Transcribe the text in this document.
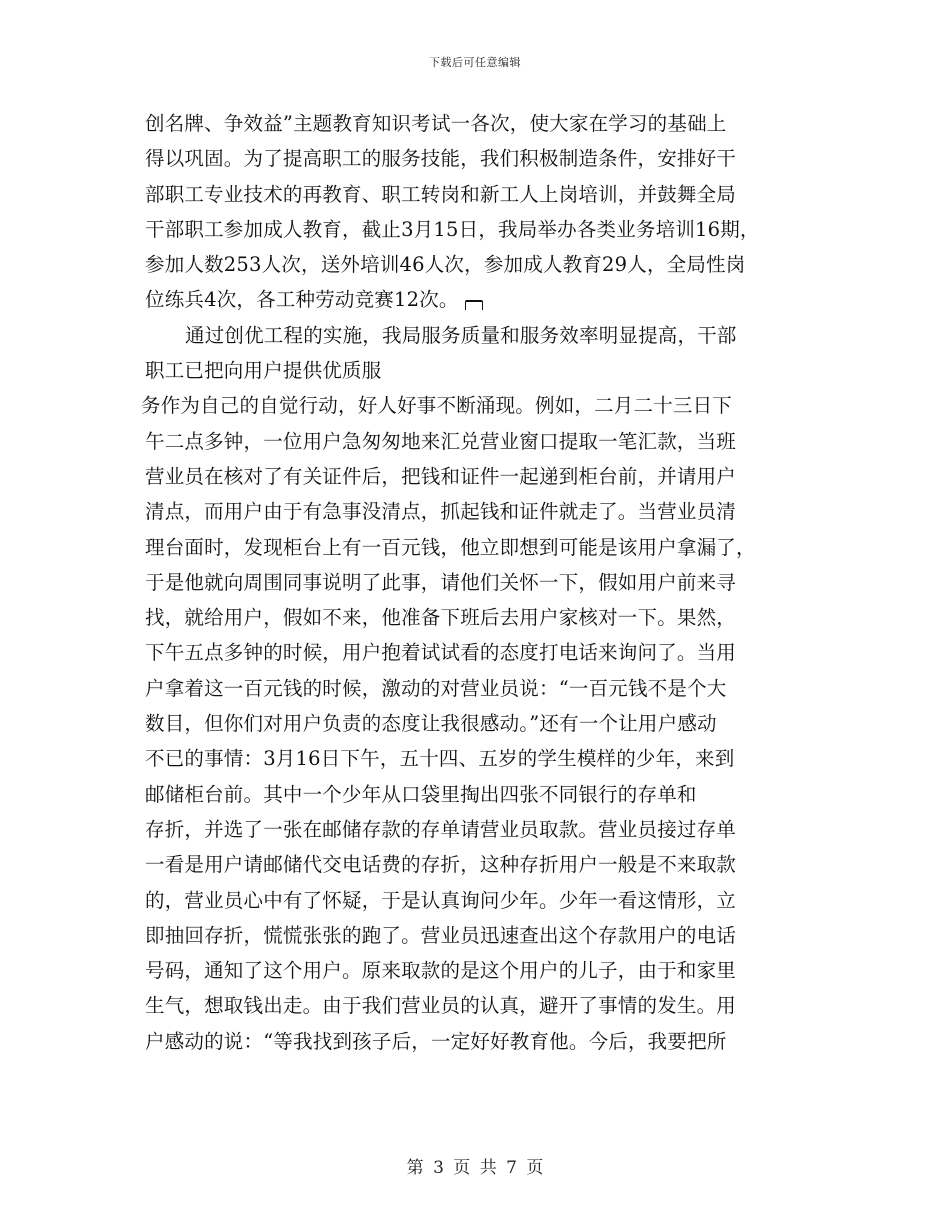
下载后可任意编辑
创名牌、争效益”主题教育知识考试一各次，使大家在学习的基础上
得以巩固。为了提高职工的服务技能，我们积极制造条件，安排好干
部职工专业技术的再教育、职工转岗和新工人上岗培训，并鼓舞全局
干部职工参加成人教育，截止3月15日，我局举办各类业务培训16期，
参加人数253人次，送外培训46人次，参加成人教育29人，全局性岗
位练兵4次，各工种劳动竞赛12次。
通过创优工程的实施，我局服务质量和服务效率明显提高，干部
职工已把向用户提供优质服
务作为自己的自觉行动，好人好事不断涌现。例如，二月二十三日下
午二点多钟，一位用户急匆匆地来汇兑营业窗口提取一笔汇款，当班
营业员在核对了有关证件后，把钱和证件一起递到柜台前，并请用户
清点，而用户由于有急事没清点，抓起钱和证件就走了。当营业员清
理台面时，发现柜台上有一百元钱，他立即想到可能是该用户拿漏了，
于是他就向周围同事说明了此事，请他们关怀一下，假如用户前来寻
找，就给用户，假如不来，他准备下班后去用户家核对一下。果然，
下午五点多钟的时候，用户抱着试试看的态度打电话来询问了。当用
户拿着这一百元钱的时候，激动的对营业员说：“一百元钱不是个大
数目，但你们对用户负责的态度让我很感动。”还有一个让用户感动
不已的事情：3月16日下午，五十四、五岁的学生模样的少年，来到
邮储柜台前。其中一个少年从口袋里掏出四张不同银行的存单和
存折，并选了一张在邮储存款的存单请营业员取款。营业员接过存单
一看是用户请邮储代交电话费的存折，这种存折用户一般是不来取款
的，营业员心中有了怀疑，于是认真询问少年。少年一看这情形，立
即抽回存折，慌慌张张的跑了。营业员迅速查出这个存款用户的电话
号码，通知了这个用户。原来取款的是这个用户的儿子，由于和家里
生气，想取钱出走。由于我们营业员的认真，避开了事情的发生。用
户感动的说：“等我找到孩子后，一定好好教育他。今后，我要把所
第 3 页 共 7 页
